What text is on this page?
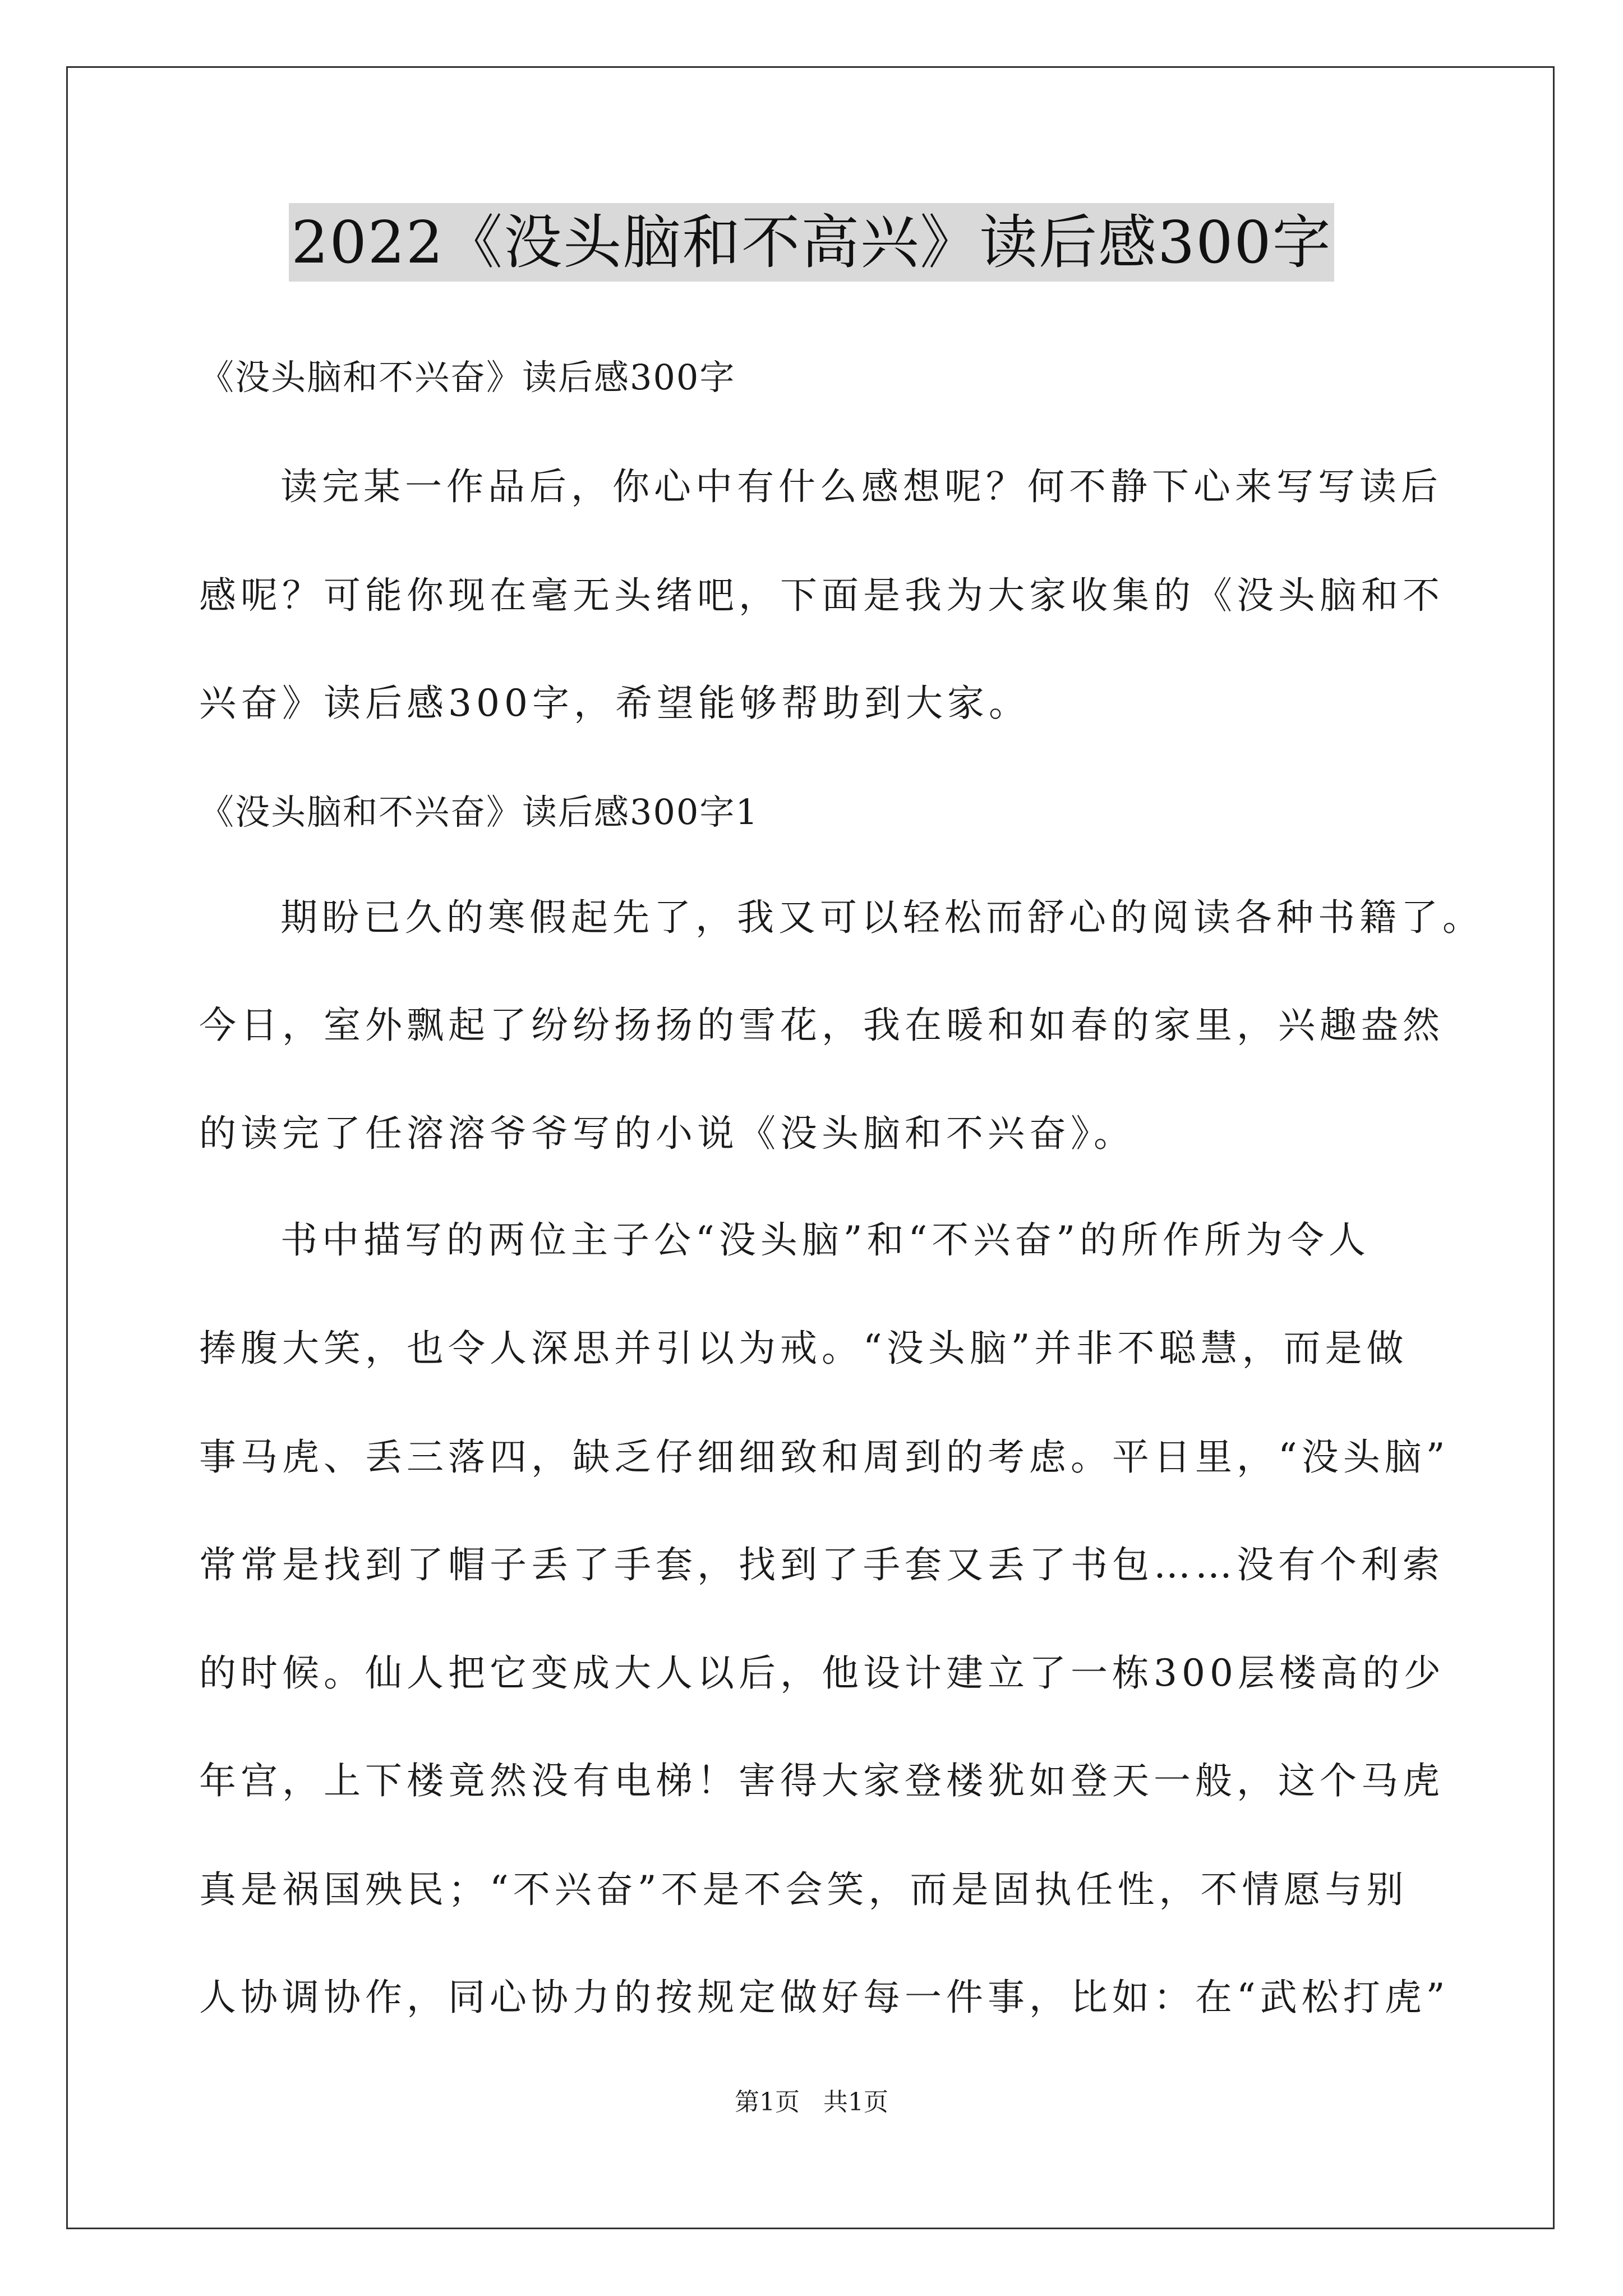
2022《没头脑和不高兴》读后感300字
《没头脑和不兴奋》读后感300字
读完某一作品后，你心中有什么感想呢？何不静下心来写写读后
感呢？可能你现在毫无头绪吧，下面是我为大家收集的《没头脑和不
兴奋》读后感300字，希望能够帮助到大家。
《没头脑和不兴奋》读后感300字1
期盼已久的寒假起先了，我又可以轻松而舒心的阅读各种书籍了。
今日，室外飘起了纷纷扬扬的雪花，我在暖和如春的家里，兴趣盎然
的读完了任溶溶爷爷写的小说《没头脑和不兴奋》。
书中描写的两位主子公“没头脑”和“不兴奋”的所作所为令人
捧腹大笑，也令人深思并引以为戒。“没头脑”并非不聪慧，而是做
事马虎、丢三落四，缺乏仔细细致和周到的考虑。平日里，“没头脑”
常常是找到了帽子丢了手套，找到了手套又丢了书包……没有个利索
的时候。仙人把它变成大人以后，他设计建立了一栋300层楼高的少
年宫，上下楼竟然没有电梯！害得大家登楼犹如登天一般，这个马虎
真是祸国殃民；“不兴奋”不是不会笑，而是固执任性，不情愿与别
人协调协作，同心协力的按规定做好每一件事，比如：在“武松打虎”
第1页 共1页
